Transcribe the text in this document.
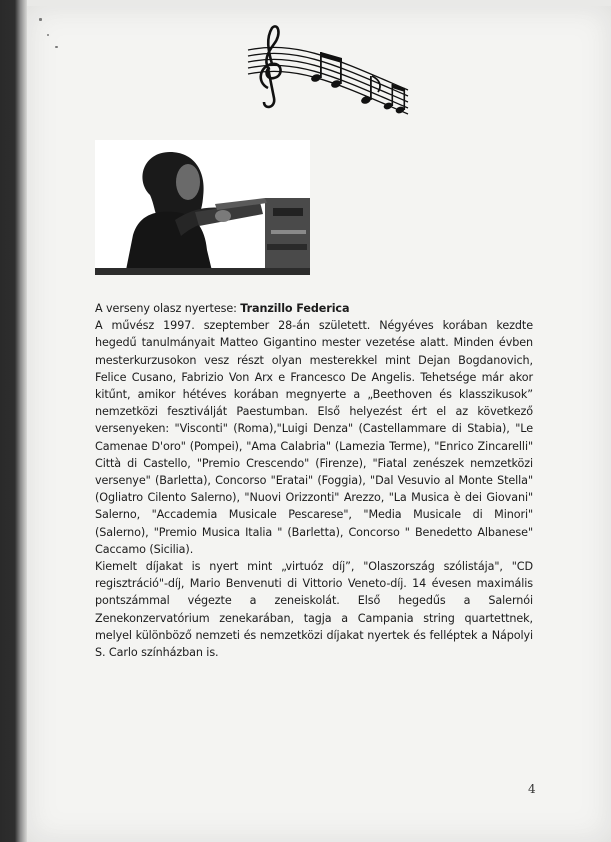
A verseny olasz nyertese: Tranzillo Federica

A művész 1997. szeptember 28-án született. Négyéves korában kezdte hegedű tanulmányait Matteo Gigantino mester vezetése alatt. Minden évben mesterkurzusokon vesz részt olyan mesterekkel mint Dejan Bogdanovich, Felice Cusano, Fabrizio Von Arx e Francesco De Angelis. Tehetsége már akor kitűnt, amikor hétéves korában megnyerte a „Beethoven és klasszikusok” nemzetközi fesztiválját Paestumban. Első helyezést ért el az következő versenyeken: "Visconti" (Roma),"Luigi Denza" (Castellammare di Stabia), "Le Camenae D'oro" (Pompei), "Ama Calabria" (Lamezia Terme), "Enrico Zincarelli" Città di Castello, "Premio Crescendo" (Firenze), "Fiatal zenészek nemzetközi versenye" (Barletta), Concorso "Eratai" (Foggia), "Dal Vesuvio al Monte Stella" (Ogliatro Cilento Salerno), "Nuovi Orizzonti" Arezzo, "La Musica è dei Giovani" Salerno, "Accademia Musicale Pescarese", "Media Musicale di Minori" (Salerno), "Premio Musica Italia " (Barletta), Concorso " Benedetto Albanese" Caccamo (Sicilia).

Kiemelt díjakat is nyert mint „virtuóz díj”, "Olaszország szólistája", "CD regisztráció"-díj, Mario Benvenuti di Vittorio Veneto-díj. 14 évesen maximális pontszámmal végezte a zeneiskolát. Első hegedűs a Salernói Zenekonzervatórium zenekarában, tagja a Campania string quartettnek, melyel különböző nemzeti és nemzetközi díjakat nyertek és felléptek a Nápolyi S. Carlo színházban is.

4
